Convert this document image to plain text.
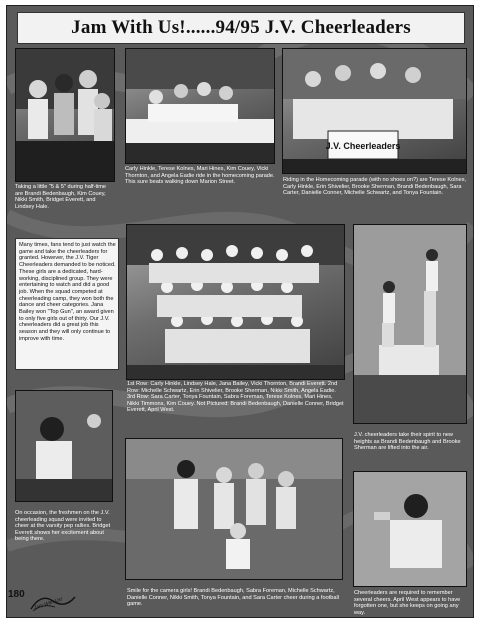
Jam With Us!......94/95 J.V. Cheerleaders
J.V. Cheerleaders
Taking a little "5 & 5" during half-time are Brandi Bedenbaugh, Kim Couey, Nikki Smith, Bridget Everett, and Lindsey Hale.
Carly Hinkle, Terese Kolnes, Mari Hines, Kim Couey, Vicki Thornton, and Angela Eadie ride in the homecoming parade. This sure beats walking down Marion Street.	Riding in the Homecoming parade (with no shoes on?) are Terese Kolnes, Carly Hinkle, Erin Shivelier, Brooke Sherman, Brandi Bedenbaugh, Sara Carter, Danielle Conner, Michelle Schwartz, and Tonya Fountain.
Many times, fans tend to just watch the game and take the cheerleaders for granted. However, the J.V. Tiger Cheerleaders demanded to be noticed. These girls are a dedicated, hard-working, disciplined group. They were entertaining to watch and did a good job. When the squad competed at cheerleading camp, they won both the dance and cheer categories. Jana Bailey won "Top Gun", an award given to only five girls out of thirty. Our J.V. cheerleaders did a great job this season and they will only continue to improve with time.
1st Row: Carly Hinkle, Lindsey Hale, Jana Bailey, Vicki Thornton, Brandi Everett. 2nd Row: Michelle Schwartz, Erin Shivelier, Brooke Sherman, Nikki Smith, Angela Eadie. 3rd Row: Sara Carter, Tonya Fountain, Sabra Foreman, Terese Kolnes, Mari Hines, Nikki Timmons, Kim Couey. Not Pictured: Brandi Bedenbaugh, Danielle Conner, Bridget Everett, April West.
J.V. cheerleaders take their spirit to new heights as Brandi Bedenbaugh and Brooke Sherman are lifted into the air.
On occasion, the freshmen on the J.V. cheerleading squad were invited to cheer at the varsity pep rallies. Bridget Everett shows her excitement about being there.
Smile for the camera girls! Brandi Bedenbaugh, Sabra Foreman, Michelle Schwartz, Danielle Conner, Nikki Smith, Tonya Fountain, and Sara Carter cheer during a football game.
Cheerleaders are required to remember several cheers. April West appears to have forgotten one, but she keeps on going any way.
Jam With Us!
180
